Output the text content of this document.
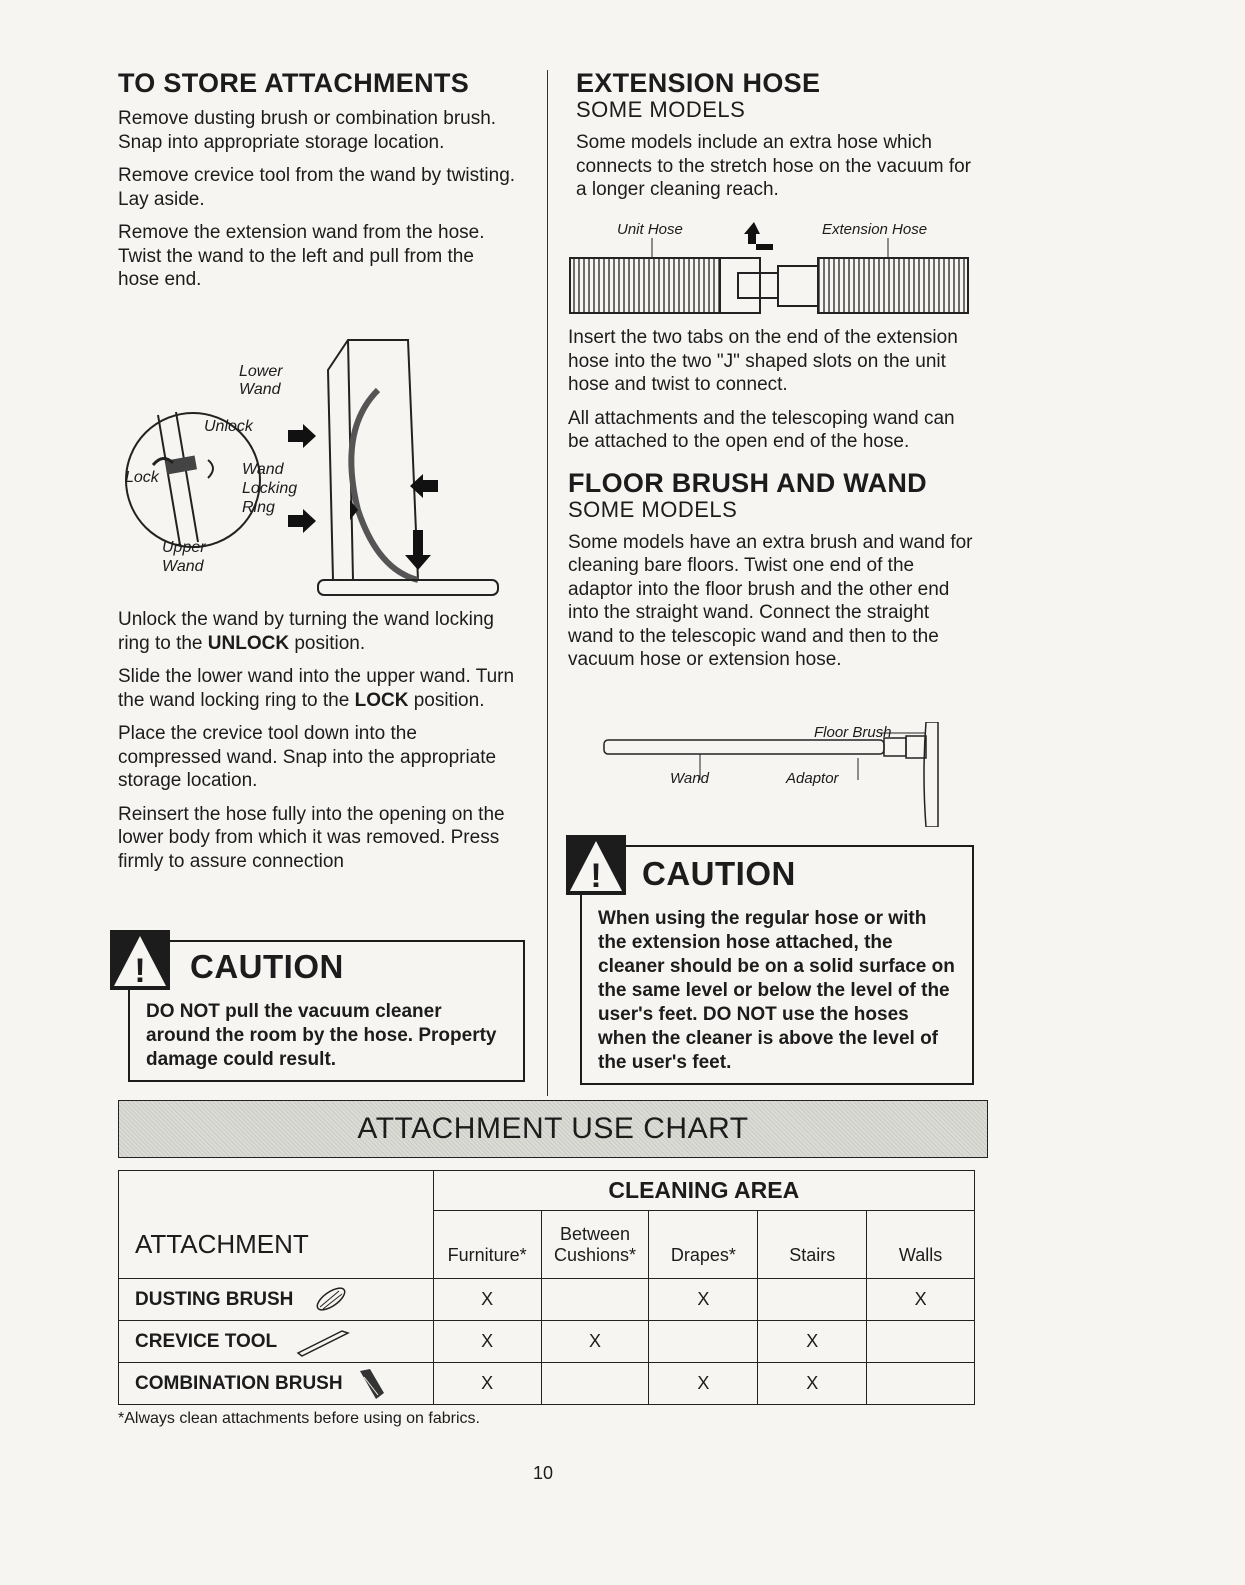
TO STORE ATTACHMENTS

Remove dusting brush or combination brush. Snap into appropriate storage location.

Remove crevice tool from the wand by twisting. Lay aside.

Remove the extension wand from the hose. Twist the wand to the left and pull from the hose end.

Lower Wand
Unlock
Lock	Wand Locking Ring
Upper Wand

Unlock the wand by turning the wand locking ring to the UNLOCK position.

Slide the lower wand into the upper wand. Turn the wand locking ring to the LOCK position.

Place the crevice tool down into the compressed wand. Snap into the appropriate storage location.

Reinsert the hose fully into the opening on the lower body from which it was removed. Press firmly to assure connection

! CAUTION
DO NOT pull the vacuum cleaner around the room by the hose. Property damage could result.
EXTENSION HOSE
SOME MODELS

Some models include an extra hose which connects to the stretch hose on the vacuum for a longer cleaning reach.

Unit Hose	Extension Hose

Insert the two tabs on the end of the extension hose into the two "J" shaped slots on the unit hose and twist to connect.

All attachments and the telescoping wand can be attached to the open end of the hose.

FLOOR BRUSH AND WAND
SOME MODELS

Some models have an extra brush and wand for cleaning bare floors. Twist one end of the adaptor into the floor brush and the other end into the straight wand. Connect the straight wand to the telescopic wand and then to the vacuum hose or extension hose.

Floor Brush
Wand	Adaptor
! CAUTION
When using the regular hose or with the extension hose attached, the cleaner should be on a solid surface on the same level or below the level of the user's feet. DO NOT use the hoses when the cleaner is above the level of the user's feet.
ATTACHMENT USE CHART
	CLEANING AREA				
ATTACHMENT	Furniture*	Between Cushions*	Drapes*	Stairs	Walls
DUSTING BRUSH	X		X		X
CREVICE TOOL	X	X		X	
COMBINATION BRUSH	X		X	X	
*Always clean attachments before using on fabrics.
10
